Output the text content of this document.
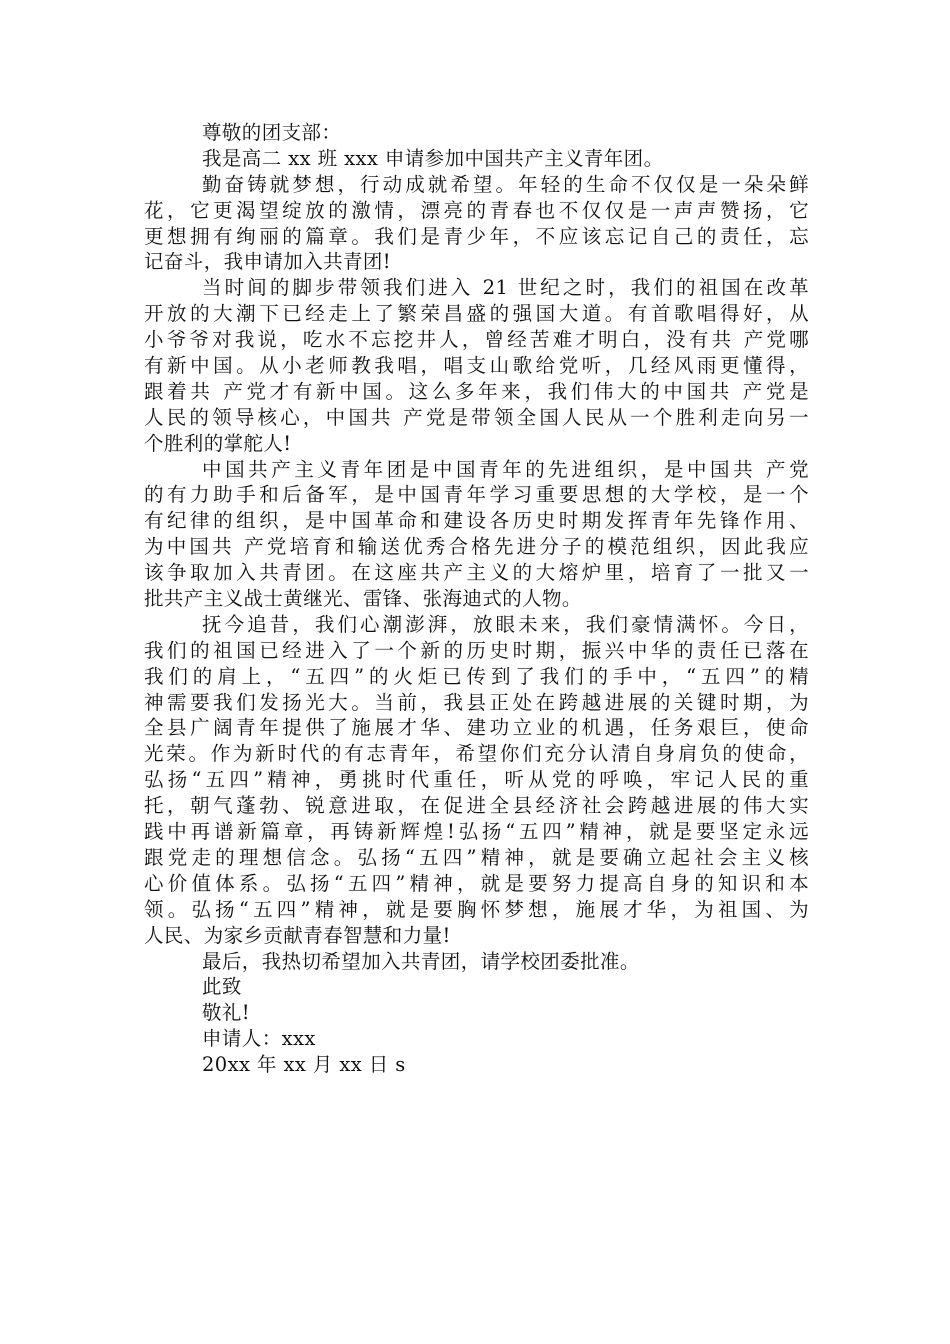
尊敬的团支部：
我是高二 xx 班 xxx 申请参加中国共产主义青年团。
勤奋铸就梦想，行动成就希望。年轻的生命不仅仅是一朵朵鲜
花，它更渴望绽放的激情，漂亮的青春也不仅仅是一声声赞扬，它
更想拥有绚丽的篇章。我们是青少年，不应该忘记自己的责任，忘
记奋斗，我申请加入共青团!
当时间的脚步带领我们进入 21 世纪之时，我们的祖国在改革
开放的大潮下已经走上了繁荣昌盛的强国大道。有首歌唱得好，从
小爷爷对我说，吃水不忘挖井人，曾经苦难才明白，没有共 产党哪
有新中国。从小老师教我唱，唱支山歌给党听，几经风雨更懂得，
跟着共 产党才有新中国。这么多年来，我们伟大的中国共 产党是
人民的领导核心，中国共 产党是带领全国人民从一个胜利走向另一
个胜利的掌舵人!
中国共产主义青年团是中国青年的先进组织，是中国共 产党
的有力助手和后备军，是中国青年学习重要思想的大学校，是一个
有纪律的组织，是中国革命和建设各历史时期发挥青年先锋作用、
为中国共 产党培育和输送优秀合格先进分子的模范组织，因此我应
该争取加入共青团。在这座共产主义的大熔炉里，培育了一批又一
批共产主义战士黄继光、雷锋、张海迪式的人物。
抚今追昔，我们心潮澎湃，放眼未来，我们豪情满怀。今日，
我们的祖国已经进入了一个新的历史时期，振兴中华的责任已落在
我们的肩上，“五四”的火炬已传到了我们的手中，“五四”的精
神需要我们发扬光大。当前，我县正处在跨越进展的关键时期，为
全县广阔青年提供了施展才华、建功立业的机遇，任务艰巨，使命
光荣。作为新时代的有志青年，希望你们充分认清自身肩负的使命，
弘扬“五四”精神，勇挑时代重任，听从党的呼唤，牢记人民的重
托，朝气蓬勃、锐意进取，在促进全县经济社会跨越进展的伟大实
践中再谱新篇章，再铸新辉煌!弘扬“五四”精神，就是要坚定永远
跟党走的理想信念。弘扬“五四”精神，就是要确立起社会主义核
心价值体系。弘扬“五四”精神，就是要努力提高自身的知识和本
领。弘扬“五四”精神，就是要胸怀梦想，施展才华，为祖国、为
人民、为家乡贡献青春智慧和力量!
最后，我热切希望加入共青团，请学校团委批准。
此致
敬礼!
申请人：xxx
20xx 年 xx 月 xx 日 s
